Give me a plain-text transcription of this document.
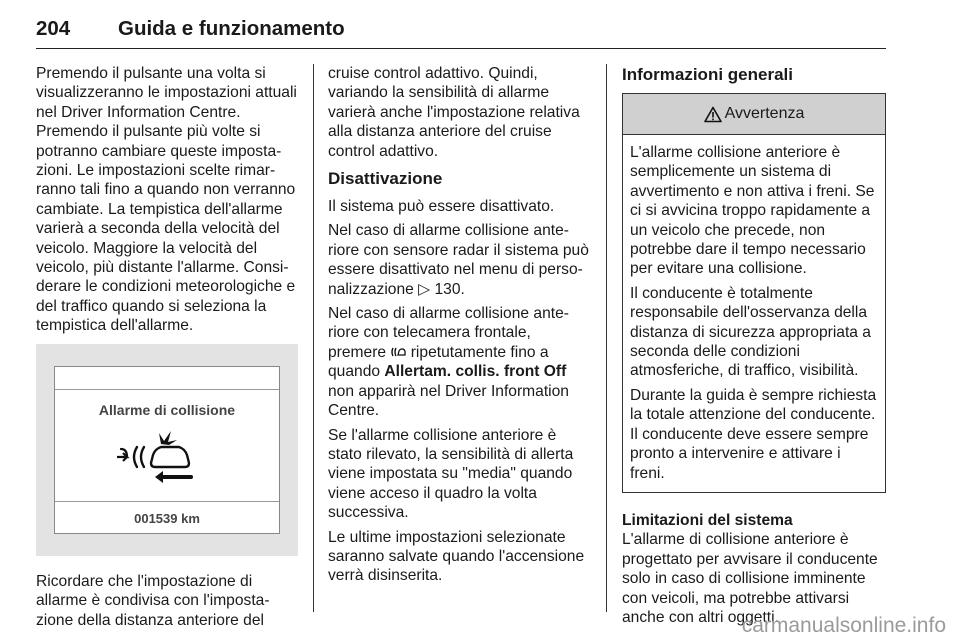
204 Guida e funzionamento

Premendo il pulsante una volta si visualizzeranno le impostazioni attuali nel Driver Information Centre. Premendo il pulsante più volte si potranno cambiare queste impostazioni. Le impostazioni scelte rimarranno tali fino a quando non verranno cambiate. La tempistica dell'allarme varierà a seconda della velocità del veicolo. Maggiore la velocità del veicolo, più distante l'allarme. Considerare le condizioni meteorologiche e del traffico quando si seleziona la tempistica dell'allarme.

Allarme di collisione
001539 km

Ricordare che l'impostazione di allarme è condivisa con l'impostazione della distanza anteriore del

cruise control adattivo. Quindi, variando la sensibilità di allarme varierà anche l'impostazione relativa alla distanza anteriore del cruise control adattivo.

Disattivazione

Il sistema può essere disattivato.

Nel caso di allarme collisione anteriore con sensore radar il sistema può essere disattivato nel menu di personalizzazione ▷ 130.

Nel caso di allarme collisione anteriore con telecamera frontale, premere  ripetutamente fino a quando Allertam. collis. front Off non apparirà nel Driver Information Centre.

Se l'allarme collisione anteriore è stato rilevato, la sensibilità di allerta viene impostata su "media" quando viene acceso il quadro la volta successiva.

Le ultime impostazioni selezionate saranno salvate quando l'accensione verrà disinserita.

Informazioni generali
Avvertenza

L'allarme collisione anteriore è semplicemente un sistema di avvertimento e non attiva i freni. Se ci si avvicina troppo rapidamente a un veicolo che precede, non potrebbe dare il tempo necessario per evitare una collisione.

Il conducente è totalmente responsabile dell'osservanza della distanza di sicurezza appropriata a seconda delle condizioni atmosferiche, di traffico, visibilità.

Durante la guida è sempre richiesta la totale attenzione del conducente. Il conducente deve essere sempre pronto a intervenire e attivare i freni.

Limitazioni del sistema

L'allarme di collisione anteriore è progettato per avvisare il conducente solo in caso di collisione imminente con veicoli, ma potrebbe attivarsi anche con altri oggetti.

carmanualsonline.info
